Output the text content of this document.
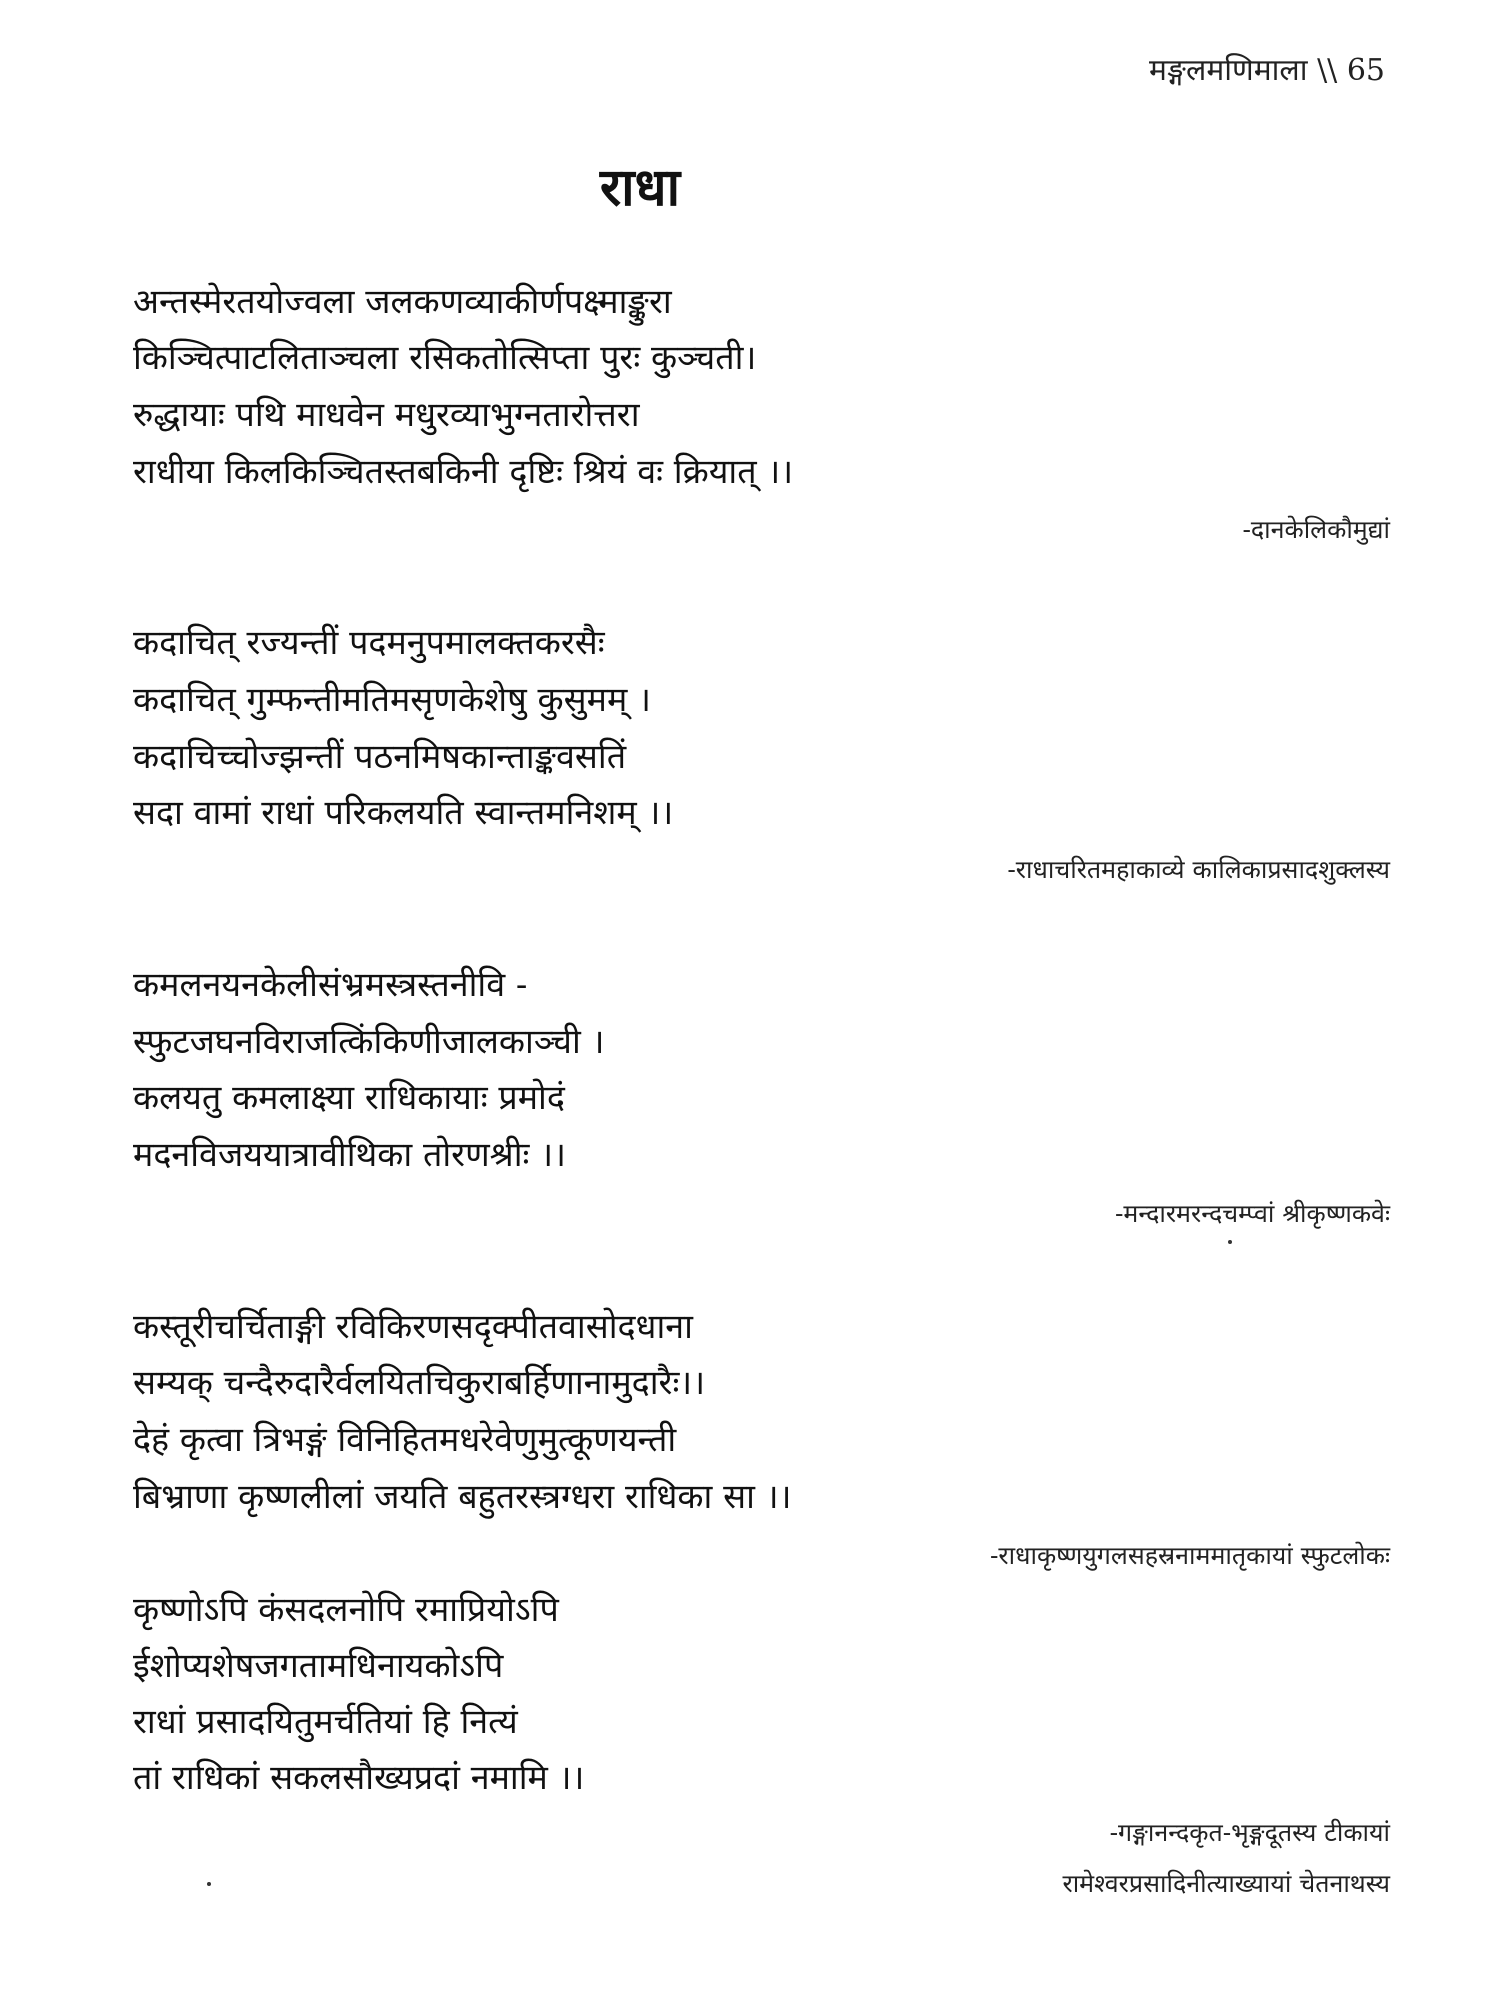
मङ्गलमणिमाला \\ 65
राधा
अन्तस्मेरतयोज्वला जलकणव्याकीर्णपक्ष्माङ्कुरा
किञ्चित्पाटलिताञ्चला रसिकतोत्सिप्ता पुरः कुञ्चती।
रुद्धायाः पथि माधवेन मधुरव्याभुग्नतारोत्तरा
राधीया किलकिञ्चितस्तबकिनी दृष्टिः श्रियं वः क्रियात् ।।
-दानकेलिकौमुद्यां
कदाचित् रज्यन्तीं पदमनुपमालक्तकरसैः
कदाचित् गुम्फन्तीमतिमसृणकेशेषु कुसुमम् ।
कदाचिच्चोज्झन्तीं पठनमिषकान्ताङ्कवसतिं
सदा वामां राधां परिकलयति स्वान्तमनिशम् ।।
-राधाचरितमहाकाव्ये कालिकाप्रसादशुक्लस्य
कमलनयनकेलीसंभ्रमस्त्रस्तनीवि -
स्फुटजघनविराजत्किंकिणीजालकाञ्ची ।
कलयतु कमलाक्ष्या राधिकायाः प्रमोदं
मदनविजययात्रावीथिका तोरणश्रीः ।।
-मन्दारमरन्दचम्प्वां श्रीकृष्णकवेः
कस्तूरीचर्चिताङ्गी रविकिरणसदृक्पीतवासोदधाना
सम्यक् चन्दैरुदारैर्वलयितचिकुराबर्हिणानामुदारैः।।
देहं कृत्वा त्रिभङ्गं विनिहितमधरेवेणुमुत्कूणयन्ती
बिभ्राणा कृष्णलीलां जयति बहुतरस्त्रग्धरा राधिका सा ।।
-राधाकृष्णयुगलसहस्रनाममातृकायां स्फुटलोकः
कृष्णोऽपि कंसदलनोपि रमाप्रियोऽपि
ईशोप्यशेषजगतामधिनायकोऽपि
राधां प्रसादयितुमर्चतियां हि नित्यं
तां राधिकां सकलसौख्यप्रदां नमामि ।।
-गङ्गानन्दकृत-भृङ्गदूतस्य टीकायां
रामेश्वरप्रसादिनीत्याख्यायां चेतनाथस्य
